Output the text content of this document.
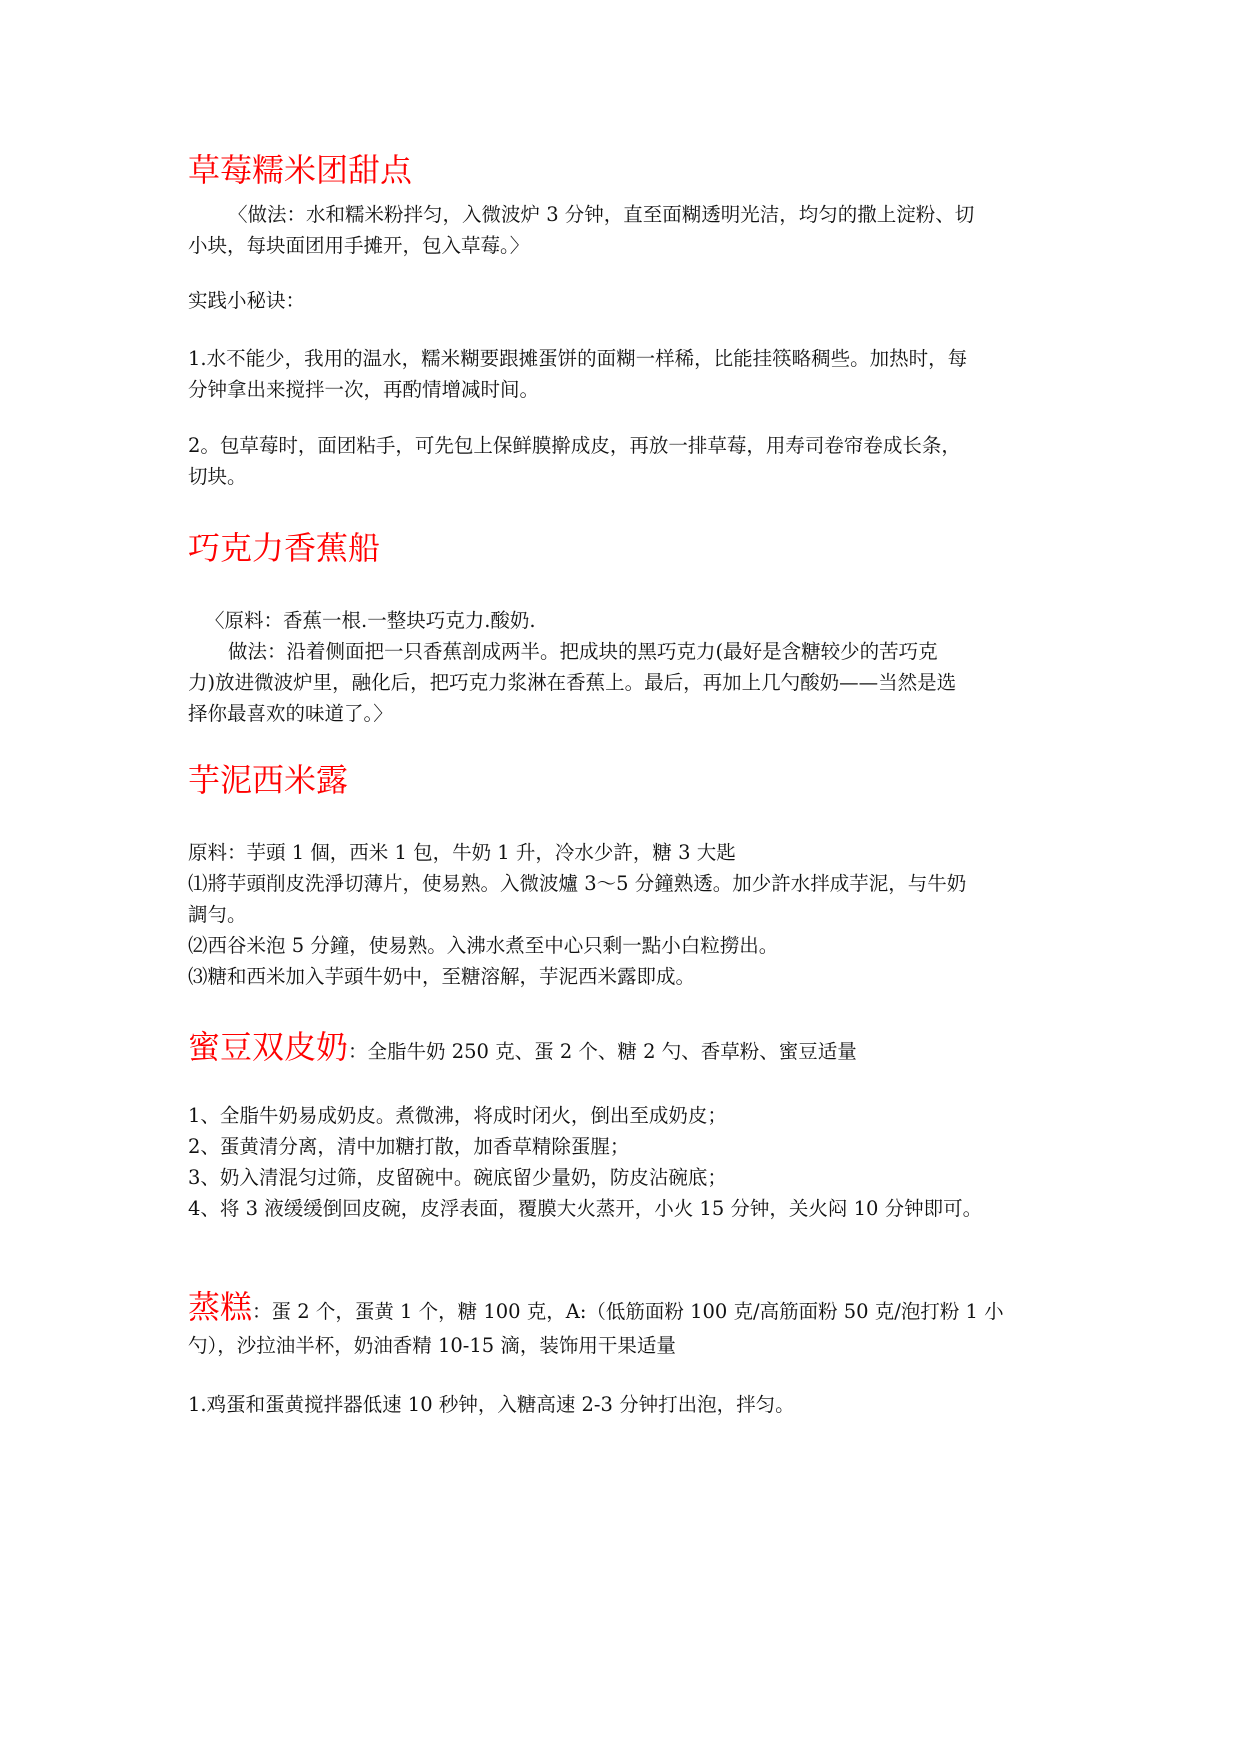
草莓糯米团甜点
〈做法：水和糯米粉拌匀，入微波炉 3 分钟，直至面糊透明光洁，均匀的撒上淀粉、切
小块，每块面团用手摊开，包入草莓。〉
实践小秘诀：
1.水不能少，我用的温水，糯米糊要跟摊蛋饼的面糊一样稀，比能挂筷略稠些。加热时，每
分钟拿出来搅拌一次，再酌情增减时间。
2。包草莓时，面团粘手，可先包上保鲜膜擀成皮，再放一排草莓，用寿司卷帘卷成长条，
切块。
巧克力香蕉船
〈原料：香蕉一根.一整块巧克力.酸奶.
做法：沿着侧面把一只香蕉剖成两半。把成块的黑巧克力(最好是含糖较少的苦巧克
力)放进微波炉里，融化后，把巧克力浆淋在香蕉上。最后，再加上几勺酸奶——当然是选
择你最喜欢的味道了。〉
芋泥西米露
原料：芋頭 1 個，西米 1 包，牛奶 1 升，冷水少許，糖 3 大匙
⑴將芋頭削皮洗淨切薄片，使易熟。入微波爐 3～5 分鐘熟透。加少許水拌成芋泥，与牛奶
調勻。
⑵西谷米泡 5 分鐘，使易熟。入沸水煮至中心只剩一點小白粒撈出。
⑶糖和西米加入芋頭牛奶中，至糖溶解，芋泥西米露即成。
蜜豆双皮奶：全脂牛奶 250 克、蛋 2 个、糖 2 勺、香草粉、蜜豆适量
1、全脂牛奶易成奶皮。煮微沸，将成时闭火，倒出至成奶皮；
2、蛋黄清分离，清中加糖打散，加香草精除蛋腥；
3、奶入清混匀过筛，皮留碗中。碗底留少量奶，防皮沾碗底；
4、将 3 液缓缓倒回皮碗，皮浮表面，覆膜大火蒸开，小火 15 分钟，关火闷 10 分钟即可。
蒸糕：蛋 2 个，蛋黄 1 个，糖 100 克，A:（低筋面粉 100 克/高筋面粉 50 克/泡打粉 1 小
勺），沙拉油半杯，奶油香精 10-15 滴，装饰用干果适量
1.鸡蛋和蛋黄搅拌器低速 10 秒钟，入糖高速 2-3 分钟打出泡，拌匀。
